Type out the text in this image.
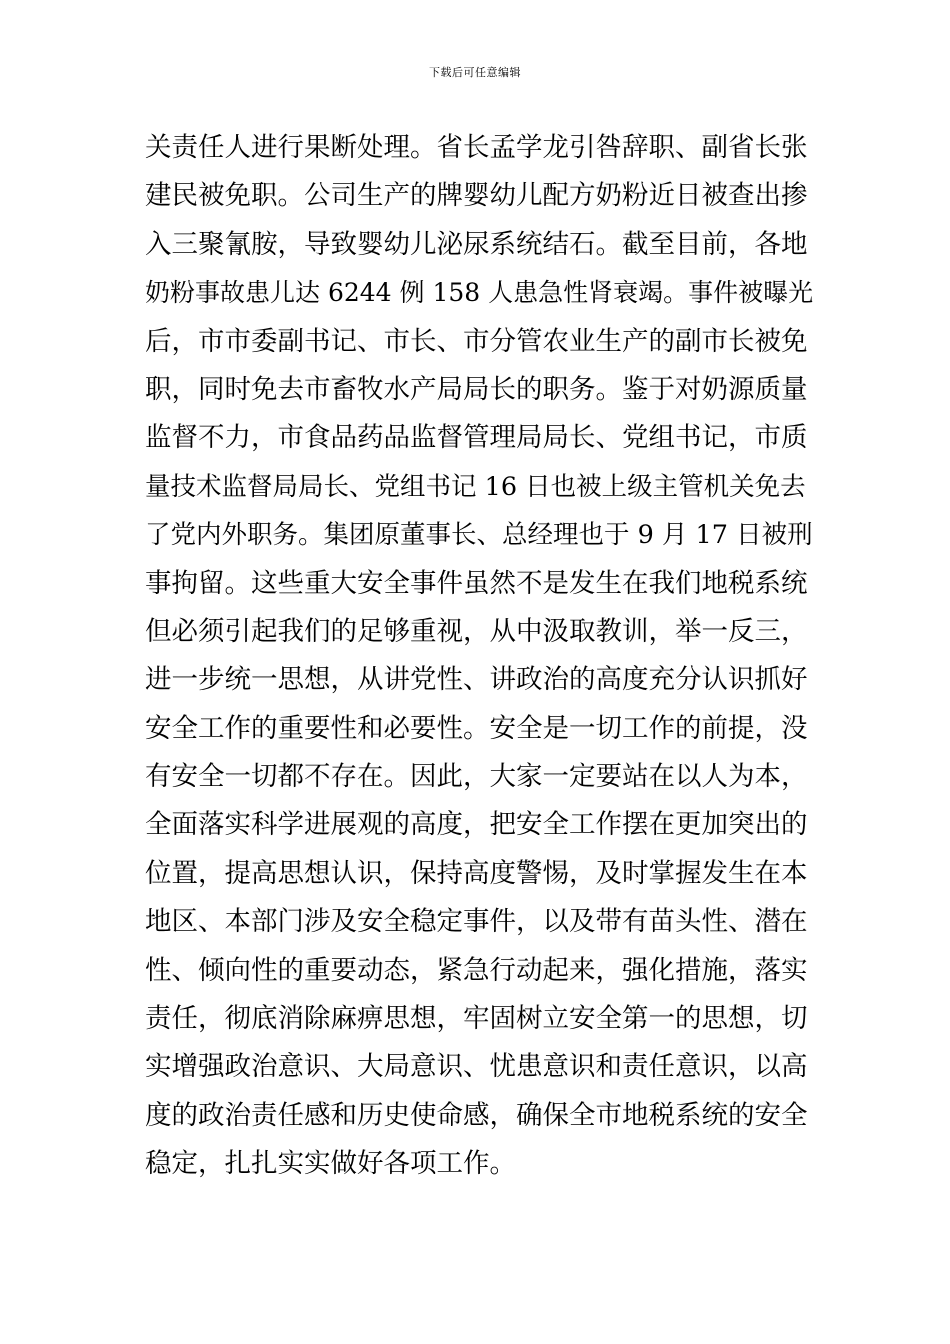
下载后可任意编辑
关责任人进行果断处理。省长孟学龙引咎辞职、副省长张
建民被免职。公司生产的牌婴幼儿配方奶粉近日被查出掺
入三聚氰胺，导致婴幼儿泌尿系统结石。截至目前，各地
奶粉事故患儿达 6244 例 158 人患急性肾衰竭。事件被曝光
后，市市委副书记、市长、市分管农业生产的副市长被免
职，同时免去市畜牧水产局局长的职务。鉴于对奶源质量
监督不力，市食品药品监督管理局局长、党组书记，市质
量技术监督局局长、党组书记 16 日也被上级主管机关免去
了党内外职务。集团原董事长、总经理也于 9 月 17 日被刑
事拘留。这些重大安全事件虽然不是发生在我们地税系统
但必须引起我们的足够重视，从中汲取教训，举一反三，
进一步统一思想，从讲党性、讲政治的高度充分认识抓好
安全工作的重要性和必要性。安全是一切工作的前提，没
有安全一切都不存在。因此，大家一定要站在以人为本，
全面落实科学进展观的高度，把安全工作摆在更加突出的
位置，提高思想认识，保持高度警惕，及时掌握发生在本
地区、本部门涉及安全稳定事件，以及带有苗头性、潜在
性、倾向性的重要动态，紧急行动起来，强化措施，落实
责任，彻底消除麻痹思想，牢固树立安全第一的思想，切
实增强政治意识、大局意识、忧患意识和责任意识，以高
度的政治责任感和历史使命感，确保全市地税系统的安全
稳定，扎扎实实做好各项工作。
